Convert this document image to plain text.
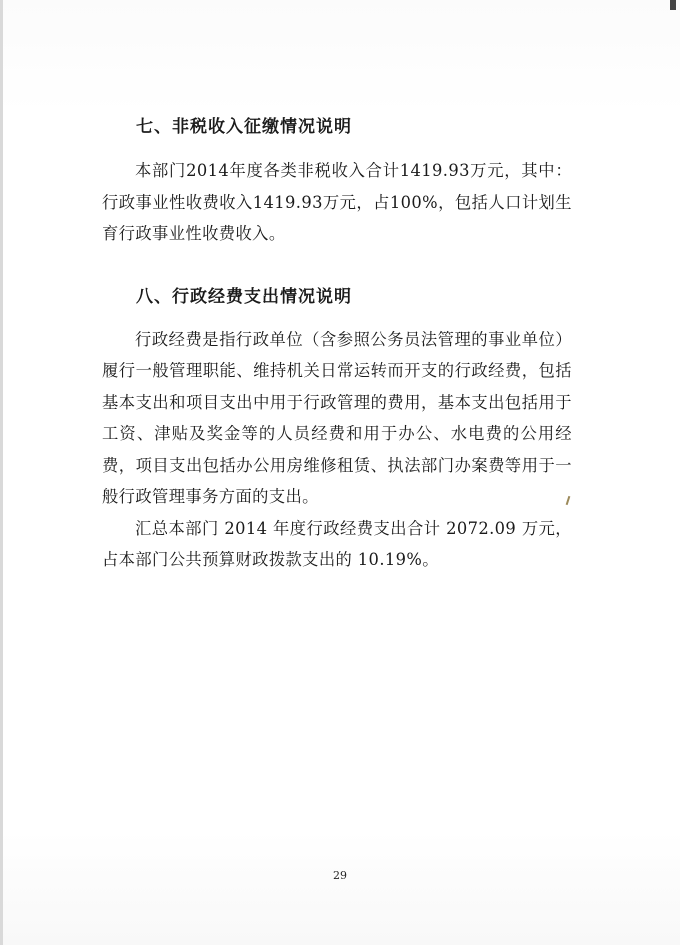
七、非税收入征缴情况说明

本部门2014年度各类非税收入合计1419.93万元，其中：行政事业性收费收入1419.93万元，占100%，包括人口计划生育行政事业性收费收入。

八、行政经费支出情况说明

行政经费是指行政单位（含参照公务员法管理的事业单位）履行一般管理职能、维持机关日常运转而开支的行政经费，包括基本支出和项目支出中用于行政管理的费用，基本支出包括用于工资、津贴及奖金等的人员经费和用于办公、水电费的公用经费，项目支出包括办公用房维修租赁、执法部门办案费等用于一般行政管理事务方面的支出。

汇总本部门 2014 年度行政经费支出合计 2072.09 万元，占本部门公共预算财政拨款支出的 10.19%。

29
